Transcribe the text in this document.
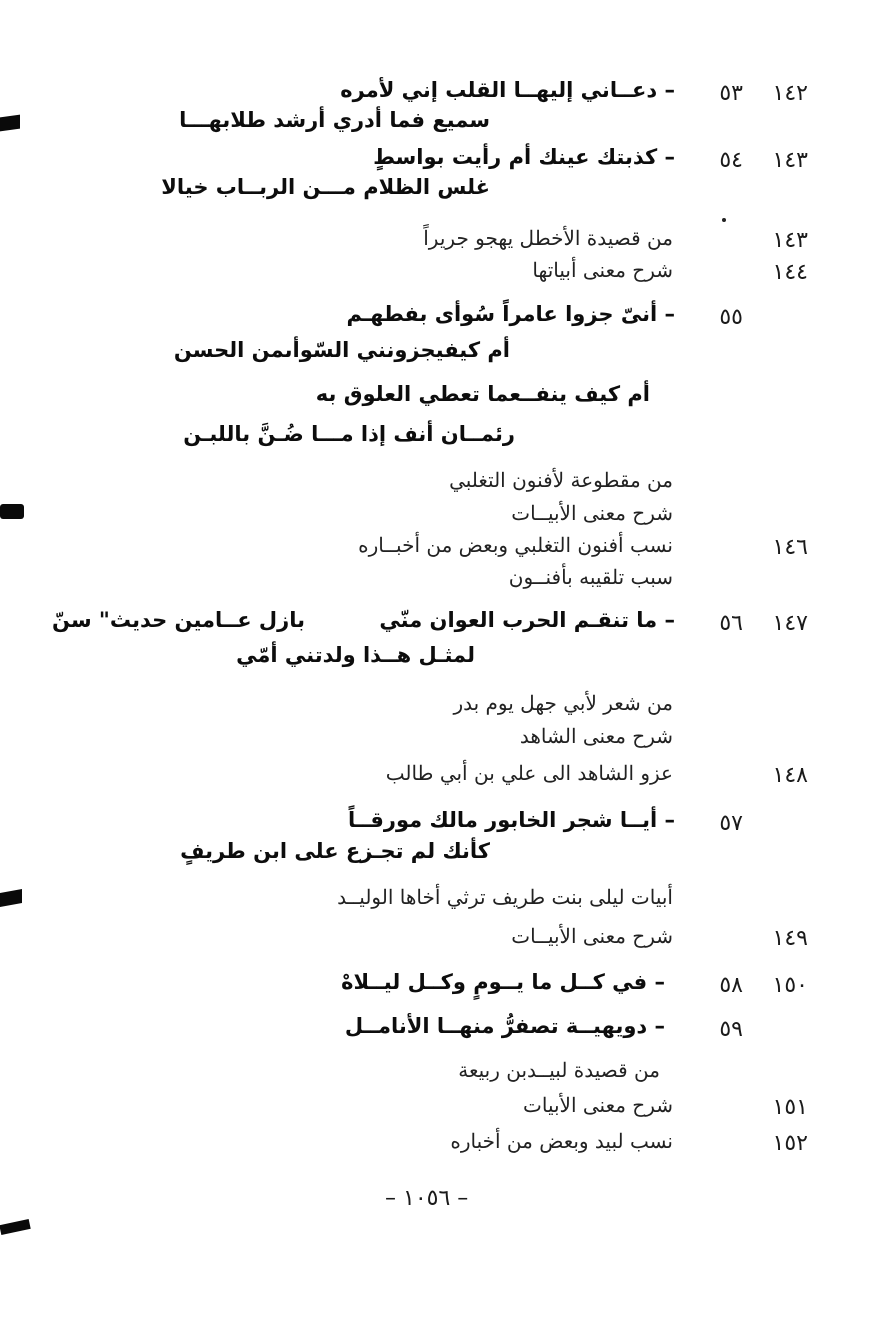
١٤٢
٥٣
– دعــاني إليهــا القلب إني لأمره
سميع فما أدري أرشد طلابهـــا
١٤٣
٥٤
– كذبتك عينك أم رأيت بواسطٍ
غلس الظلام مـــن الربــاب خيالا
١٤٣
من قصيدة الأخطل يهجو جريراً
١٤٤
شرح معنى أبياتها
٥٥
– أنىّ جزوا عامراً سُوأى بفطهـم
أم كيفيجزونني السّوأىمن الحسن
أم كيف ينفــعما تعطي العلوق به
رئمــان أنف إذا مـــا ضُـنَّ باللبـن
من مقطوعة لأفنون التغلبي
شرح معنى الأبيــات
١٤٦
نسب أفنون التغلبي وبعض من أخبــاره
سبب تلقيبه بأفنــون
١٤٧
٥٦
– ما تنقـم الحرب العوان منّي
بازل عــامين حديث" سنّ
لمثـل هــذا ولدتني أمّي
من شعر لأبي جهل يوم بدر
شرح معنى الشاهد
١٤٨
عزو الشاهد الى علي بن أبي طالب
٥٧
– أيــا شجر الخابور مالك مورقــاً
كأنك لم تجـزع على ابن طريفٍ
أبيات ليلى بنت طريف ترثي أخاها الوليــد
١٤٩
شرح معنى الأبيــات
١٥٠
٥٨
– في كــل ما يــومٍ وكــل ليــلاهْ
٥٩
– دويهيــة تصفرُّ منهــا الأنامــل
من قصيدة لبيــدبن ربيعة
١٥١
شرح معنى الأبيات
١٥٢
نسب لبيد وبعض من أخباره
– ١٠٥٦ –
